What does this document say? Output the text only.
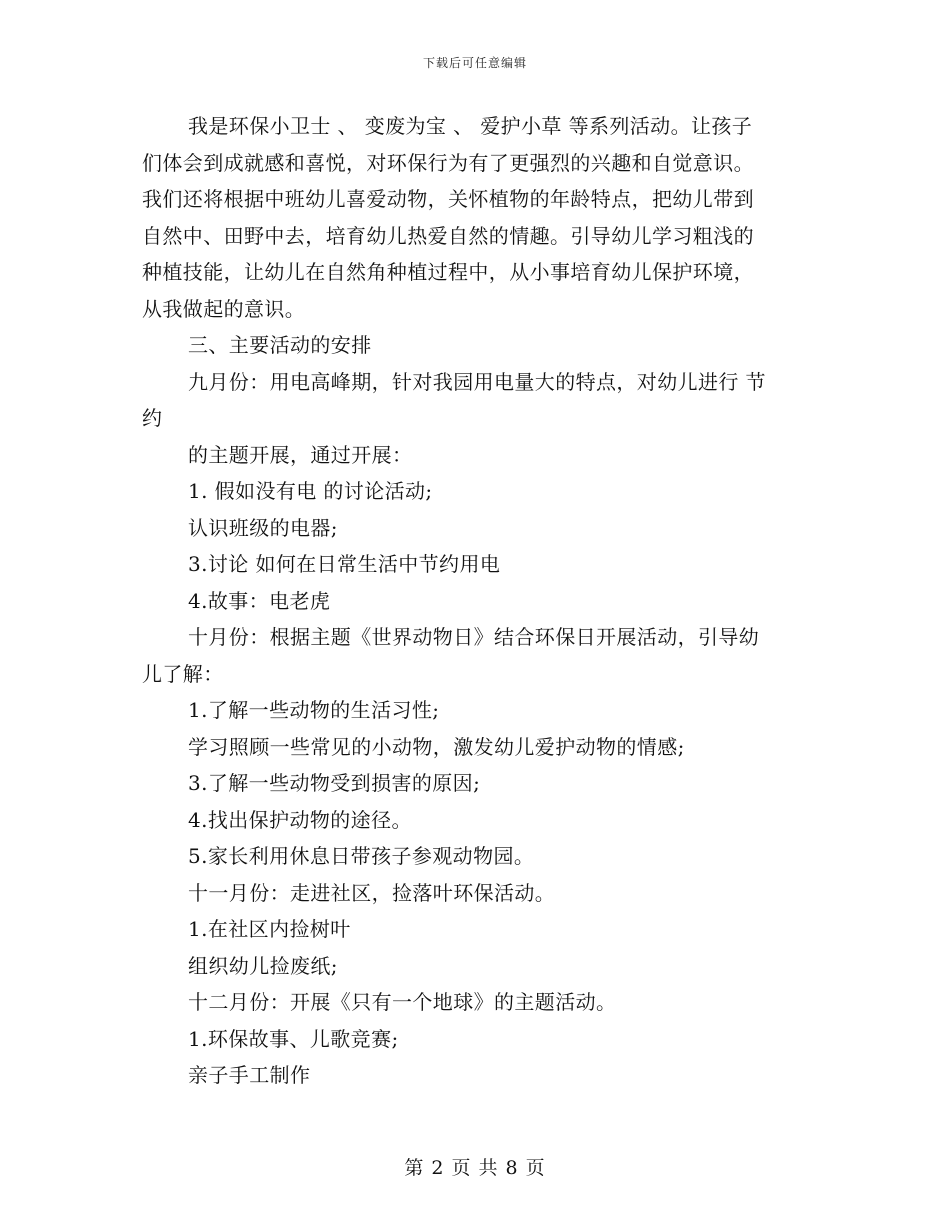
下载后可任意编辑
我是环保小卫士 、 变废为宝 、 爱护小草 等系列活动。让孩子
们体会到成就感和喜悦，对环保行为有了更强烈的兴趣和自觉意识。
我们还将根据中班幼儿喜爱动物，关怀植物的年龄特点，把幼儿带到
自然中、田野中去，培育幼儿热爱自然的情趣。引导幼儿学习粗浅的
种植技能，让幼儿在自然角种植过程中，从小事培育幼儿保护环境，
从我做起的意识。
三、主要活动的安排
九月份：用电高峰期，针对我园用电量大的特点，对幼儿进行 节
约
的主题开展，通过开展：
1. 假如没有电 的讨论活动;
认识班级的电器;
3.讨论 如何在日常生活中节约用电
4.故事：电老虎
十月份：根据主题《世界动物日》结合环保日开展活动，引导幼
儿了解：
1.了解一些动物的生活习性;
学习照顾一些常见的小动物，激发幼儿爱护动物的情感;
3.了解一些动物受到损害的原因;
4.找出保护动物的途径。
5.家长利用休息日带孩子参观动物园。
十一月份：走进社区，捡落叶环保活动。
1.在社区内捡树叶
组织幼儿捡废纸;
十二月份：开展《只有一个地球》的主题活动。
1.环保故事、儿歌竞赛;
亲子手工制作
第 2 页 共 8 页
